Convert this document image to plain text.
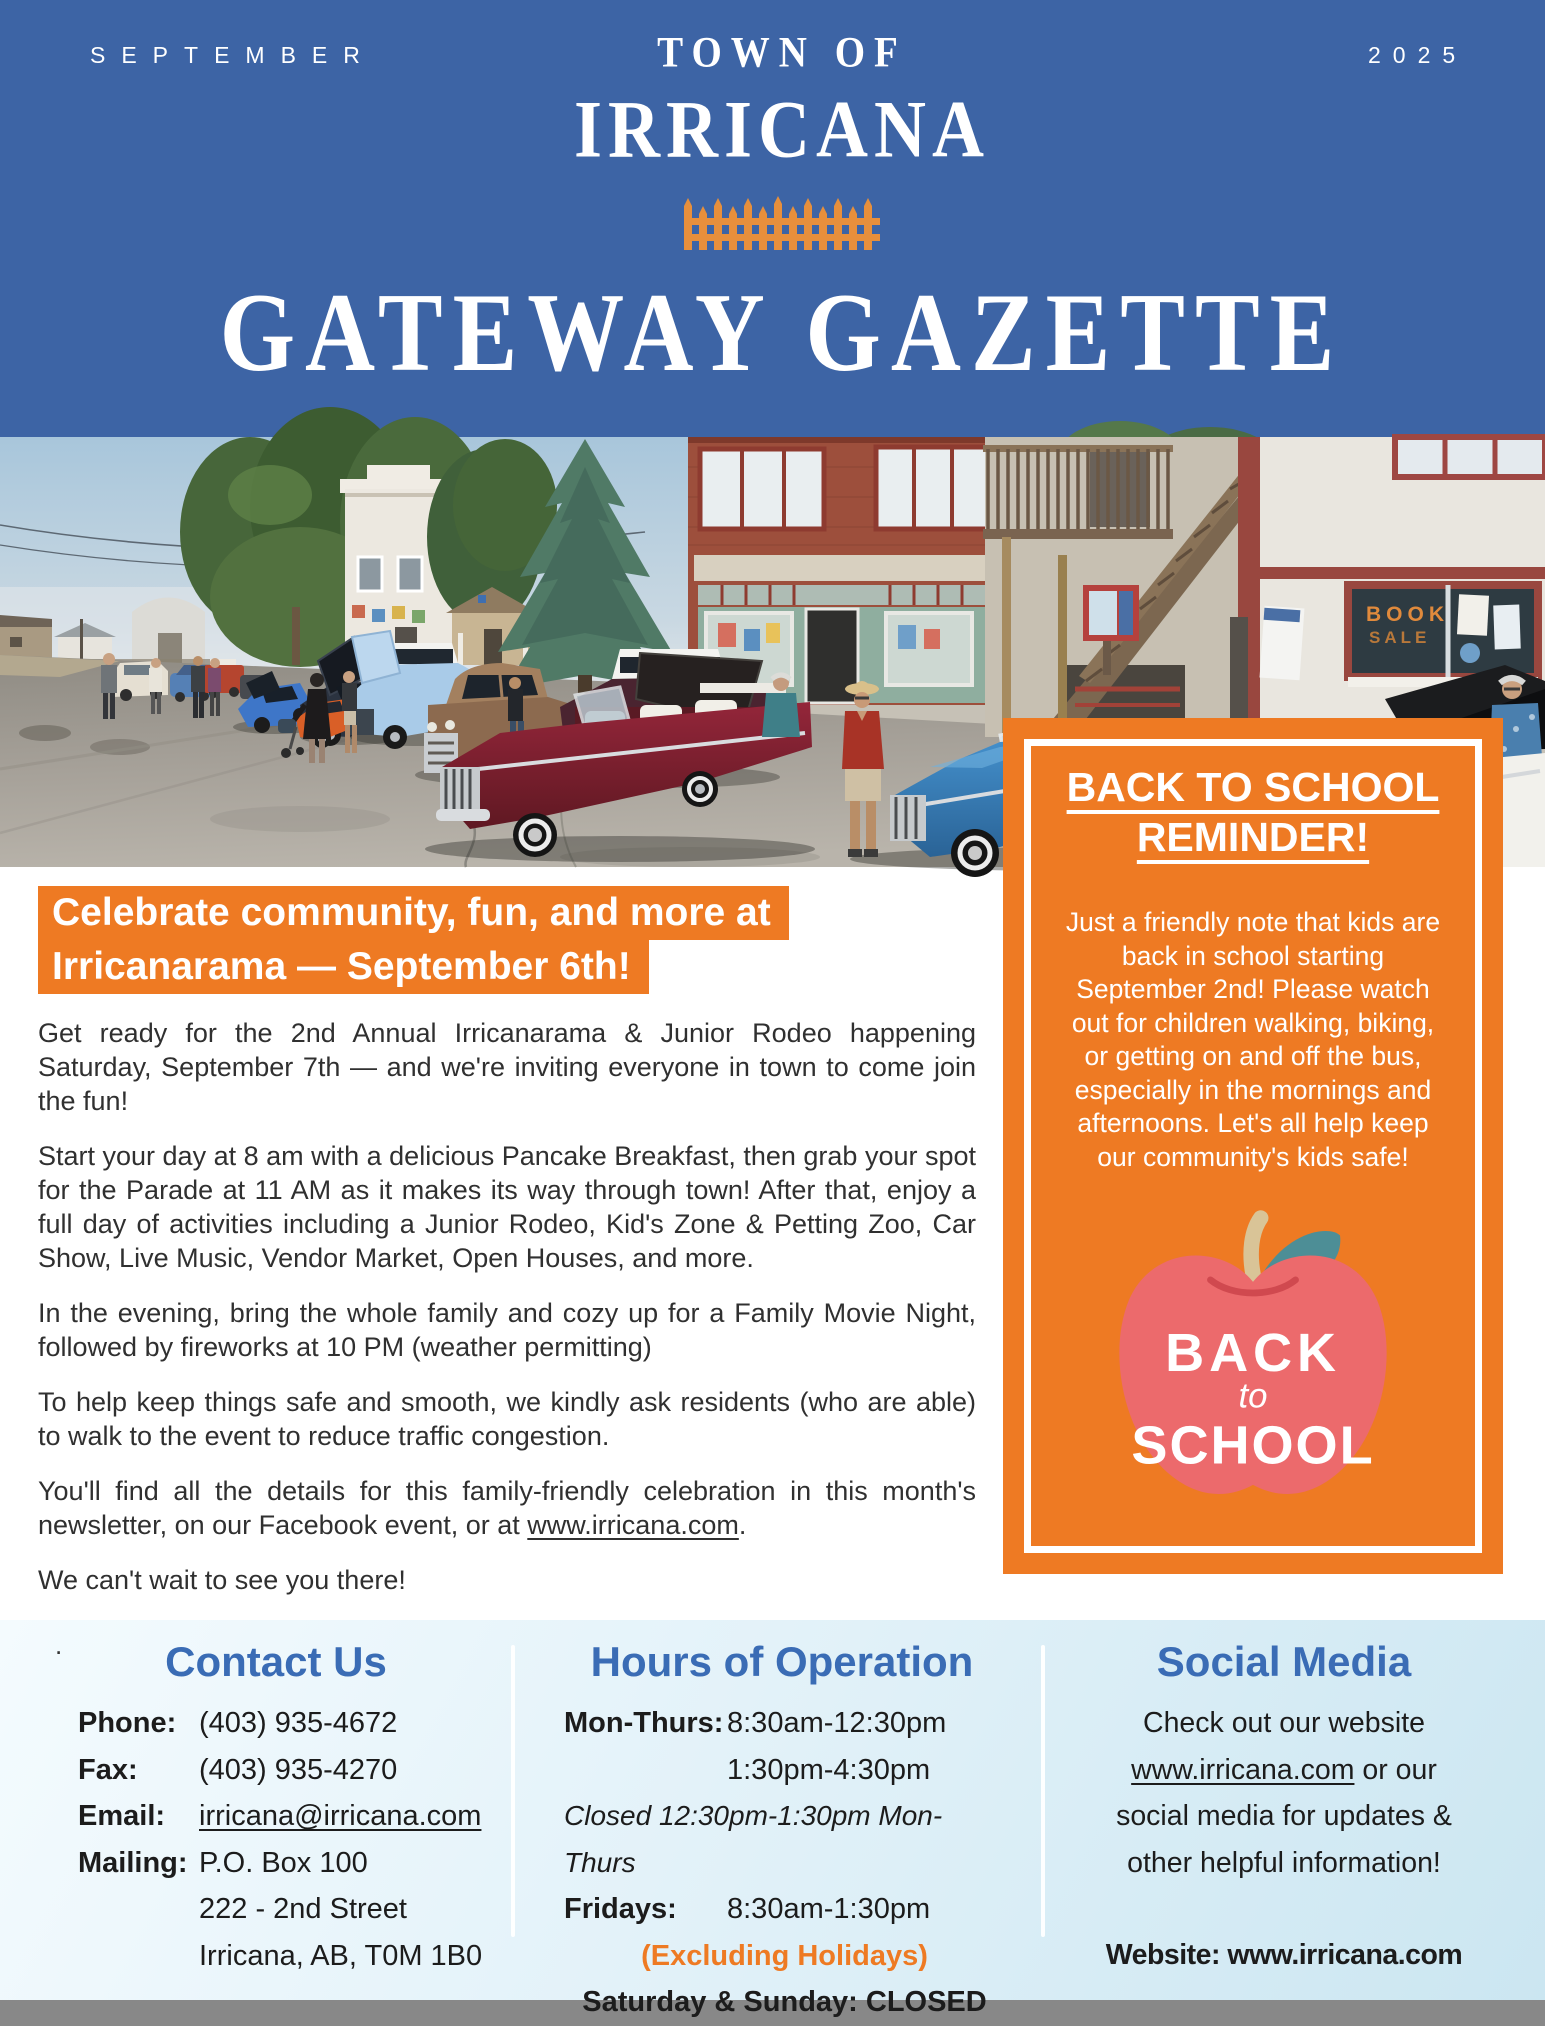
SEPTEMBER	2025
TOWN OF
IRRICANA
GATEWAY GAZETTE
BOOK
SALE
Celebrate community, fun, and more at
Irricanarama — September 6th!

Get ready for the 2nd Annual Irricanarama & Junior Rodeo happening Saturday, September 7th — and we're inviting everyone in town to come join the fun!

Start your day at 8 am with a delicious Pancake Breakfast, then grab your spot for the Parade at 11 AM as it makes its way through town! After that, enjoy a full day of activities including a Junior Rodeo, Kid's Zone & Petting Zoo, Car Show, Live Music, Vendor Market, Open Houses, and more.

In the evening, bring the whole family and cozy up for a Family Movie Night, followed by fireworks at 10 PM (weather permitting)

To help keep things safe and smooth, we kindly ask residents (who are able) to walk to the event to reduce traffic congestion.

You'll find all the details for this family-friendly celebration in this month's newsletter, on our Facebook event, or at www.irricana.com.

We can't wait to see you there!

BACK TO SCHOOL
REMINDER!
Just a friendly note that kids are back in school starting September 2nd! Please watch out for children walking, biking, or getting on and off the bus, especially in the mornings and afternoons. Let's all help keep our community's kids safe!
BACK
to
SCHOOL
.	Contact Us	Hours of Operation	Social Media
Phone: (403) 935-4672
Fax:	(403) 935-4270
Email:	irricana@irricana.com
Mailing: P.O. Box 100
222 - 2nd Street
Irricana, AB, T0M 1B0
Mon-Thurs: 8:30am-12:30pm
1:30pm-4:30pm
Closed 12:30pm-1:30pm Mon-Thurs
Fridays:	8:30am-1:30pm
(Excluding Holidays)
Saturday & Sunday: CLOSED
Check out our website
www.irricana.com or our
social media for updates &
other helpful information!
Website: www.irricana.com
